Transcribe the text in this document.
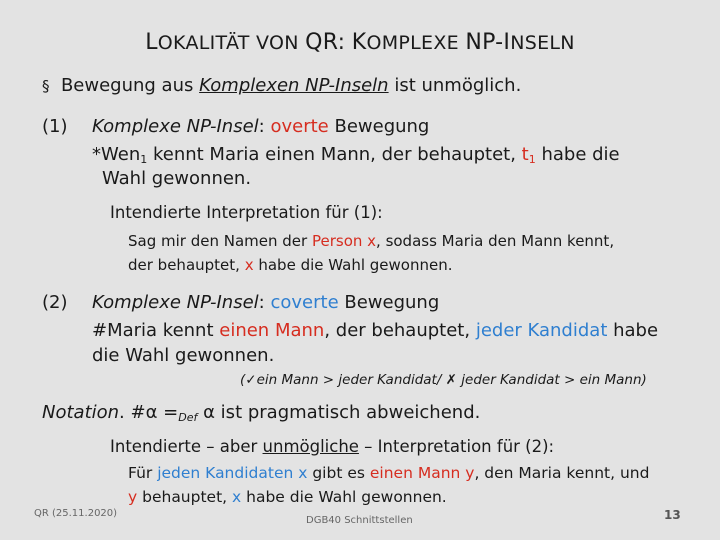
LOKALITÄT VON QR: KOMPLEXE NP-INSELN
§ Bewegung aus Komplexen NP-Inseln ist unmöglich.
(1) Komplexe NP-Insel: overte Bewegung
*Wen$_1$ kennt Maria einen Mann, der behauptet, $t_1$ habe die
Wahl gewonnen.
Intendierte Interpretation für (1):
Sag mir den Namen der Person x, sodass Maria den Mann kennt,
der behauptet, x habe die Wahl gewonnen.
(2) Komplexe NP-Insel: coverte Bewegung
#Maria kennt einen Mann, der behauptet, jeder Kandidat habe
die Wahl gewonnen.
(✓ein Mann > jeder Kandidat/ ✗ jeder Kandidat > ein Mann)
Notation. #α $=_{Def}$ α ist pragmatisch abweichend.
Intendierte – aber unmögliche – Interpretation für (2):
Für jeden Kandidaten x gibt es einen Mann y, den Maria kennt, und
y behauptet, x habe die Wahl gewonnen.
QR (25.11.2020)
DGB40 Schnittstellen	13
